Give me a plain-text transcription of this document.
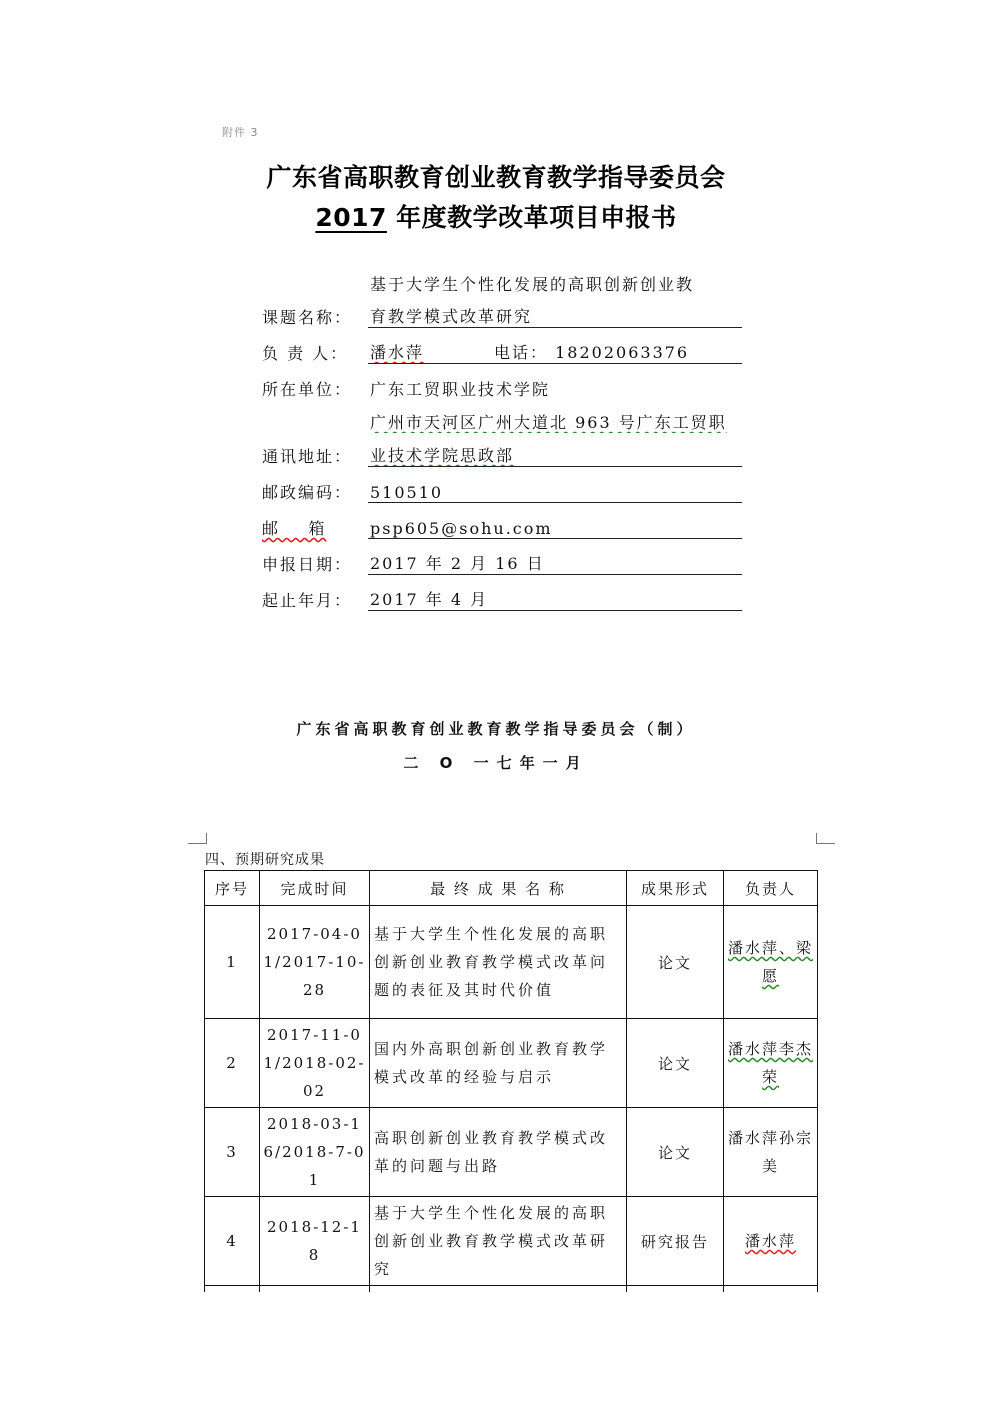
附件 3
广东省高职教育创业教育教学指导委员会
2017 年度教学改革项目申报书
基于大学生个性化发展的高职创新创业教
课题名称：	育教学模式改革研究
负 责 人：	潘水萍	电话： 18202063376
所在单位：	广东工贸职业技术学院
广州市天河区广州大道北 963 号广东工贸职
通讯地址：	业技术学院思政部
邮政编码：	510510
邮    箱	psp605@sohu.com
申报日期：	2017 年 2 月 16 日
起止年月：	2017 年 4 月
广东省高职教育创业教育教学指导委员会（制）
二 O 一七年一月
四、预期研究成果
序号	完成时间	最 终 成 果 名 称	成果形式	负责人
1	2017-04-01/2017-10-28	基于大学生个性化发展的高职创新创业教育教学模式改革问题的表征及其时代价值	论文	潘水萍、梁愿
2	2017-11-01/2018-02-02	国内外高职创新创业教育教学模式改革的经验与启示	论文	潘水萍李杰荣
3	2018-03-16/2018-7-01	高职创新创业教育教学模式改革的问题与出路	论文	潘水萍孙宗美
4	2018-12-18	基于大学生个性化发展的高职创新创业教育教学模式改革研究	研究报告	潘水萍
